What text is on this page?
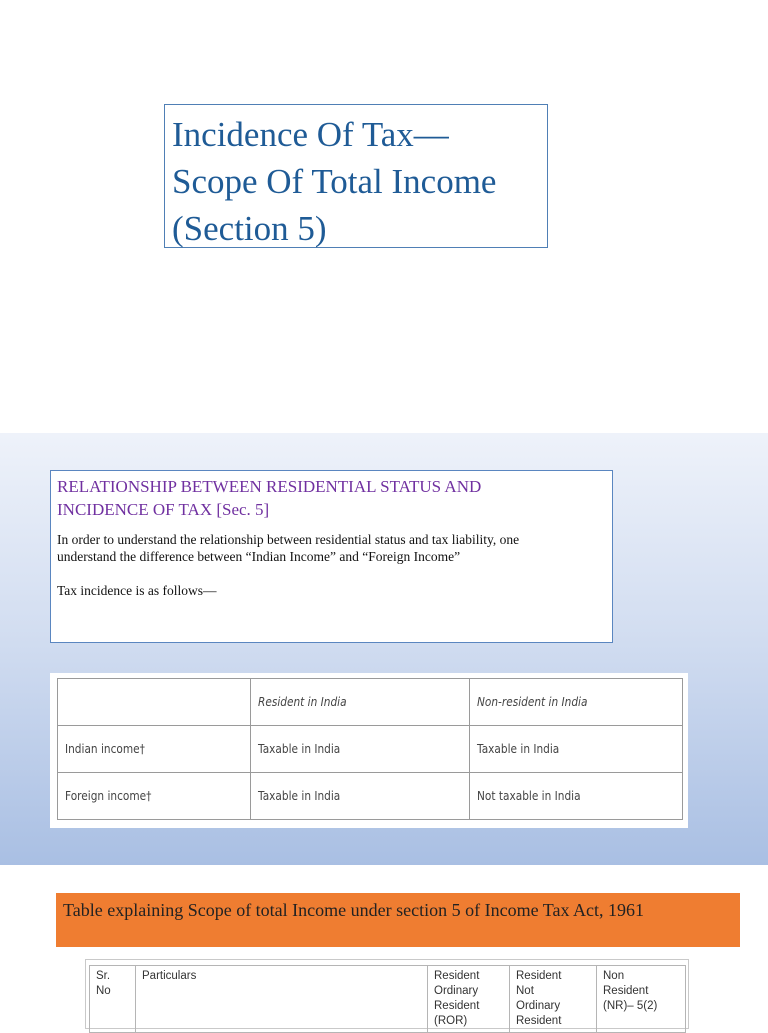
Incidence Of Tax—
Scope Of Total Income
(Section 5)

RELATIONSHIP BETWEEN RESIDENTIAL STATUS AND
INCIDENCE OF TAX [Sec. 5]

In order to understand the relationship between residential status and tax liability, one
understand the difference between “Indian Income” and “Foreign Income”

Tax incidence is as follows—

	Resident in India	Non-resident in India
Indian income†	Taxable in India	Taxable in India
Foreign income†	Taxable in India	Not taxable in India
Table explaining Scope of total Income under section 5 of Income Tax Act, 1961
Sr.
No	Particulars	Resident
Ordinary
Resident
(ROR)	Resident
Not
Ordinary
Resident	Non
Resident
(NR)– 5(2)
